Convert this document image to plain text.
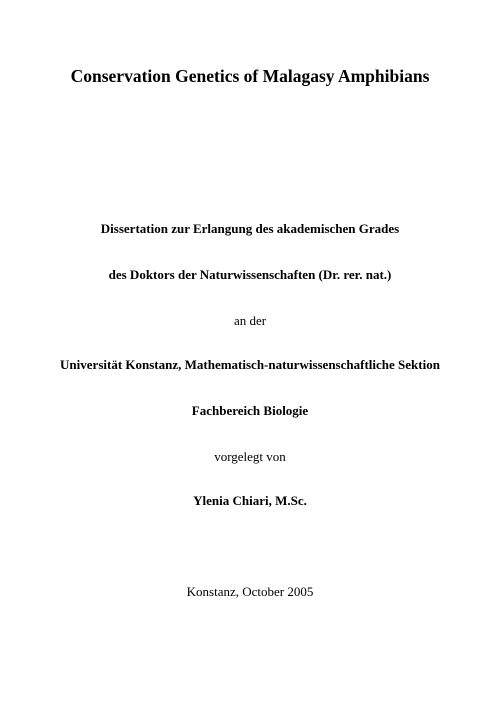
Conservation Genetics of Malagasy Amphibians
Dissertation zur Erlangung des akademischen Grades
des Doktors der Naturwissenschaften (Dr. rer. nat.)
an der
Universität Konstanz, Mathematisch-naturwissenschaftliche Sektion
Fachbereich Biologie
vorgelegt von
Ylenia Chiari, M.Sc.
Konstanz, October 2005
